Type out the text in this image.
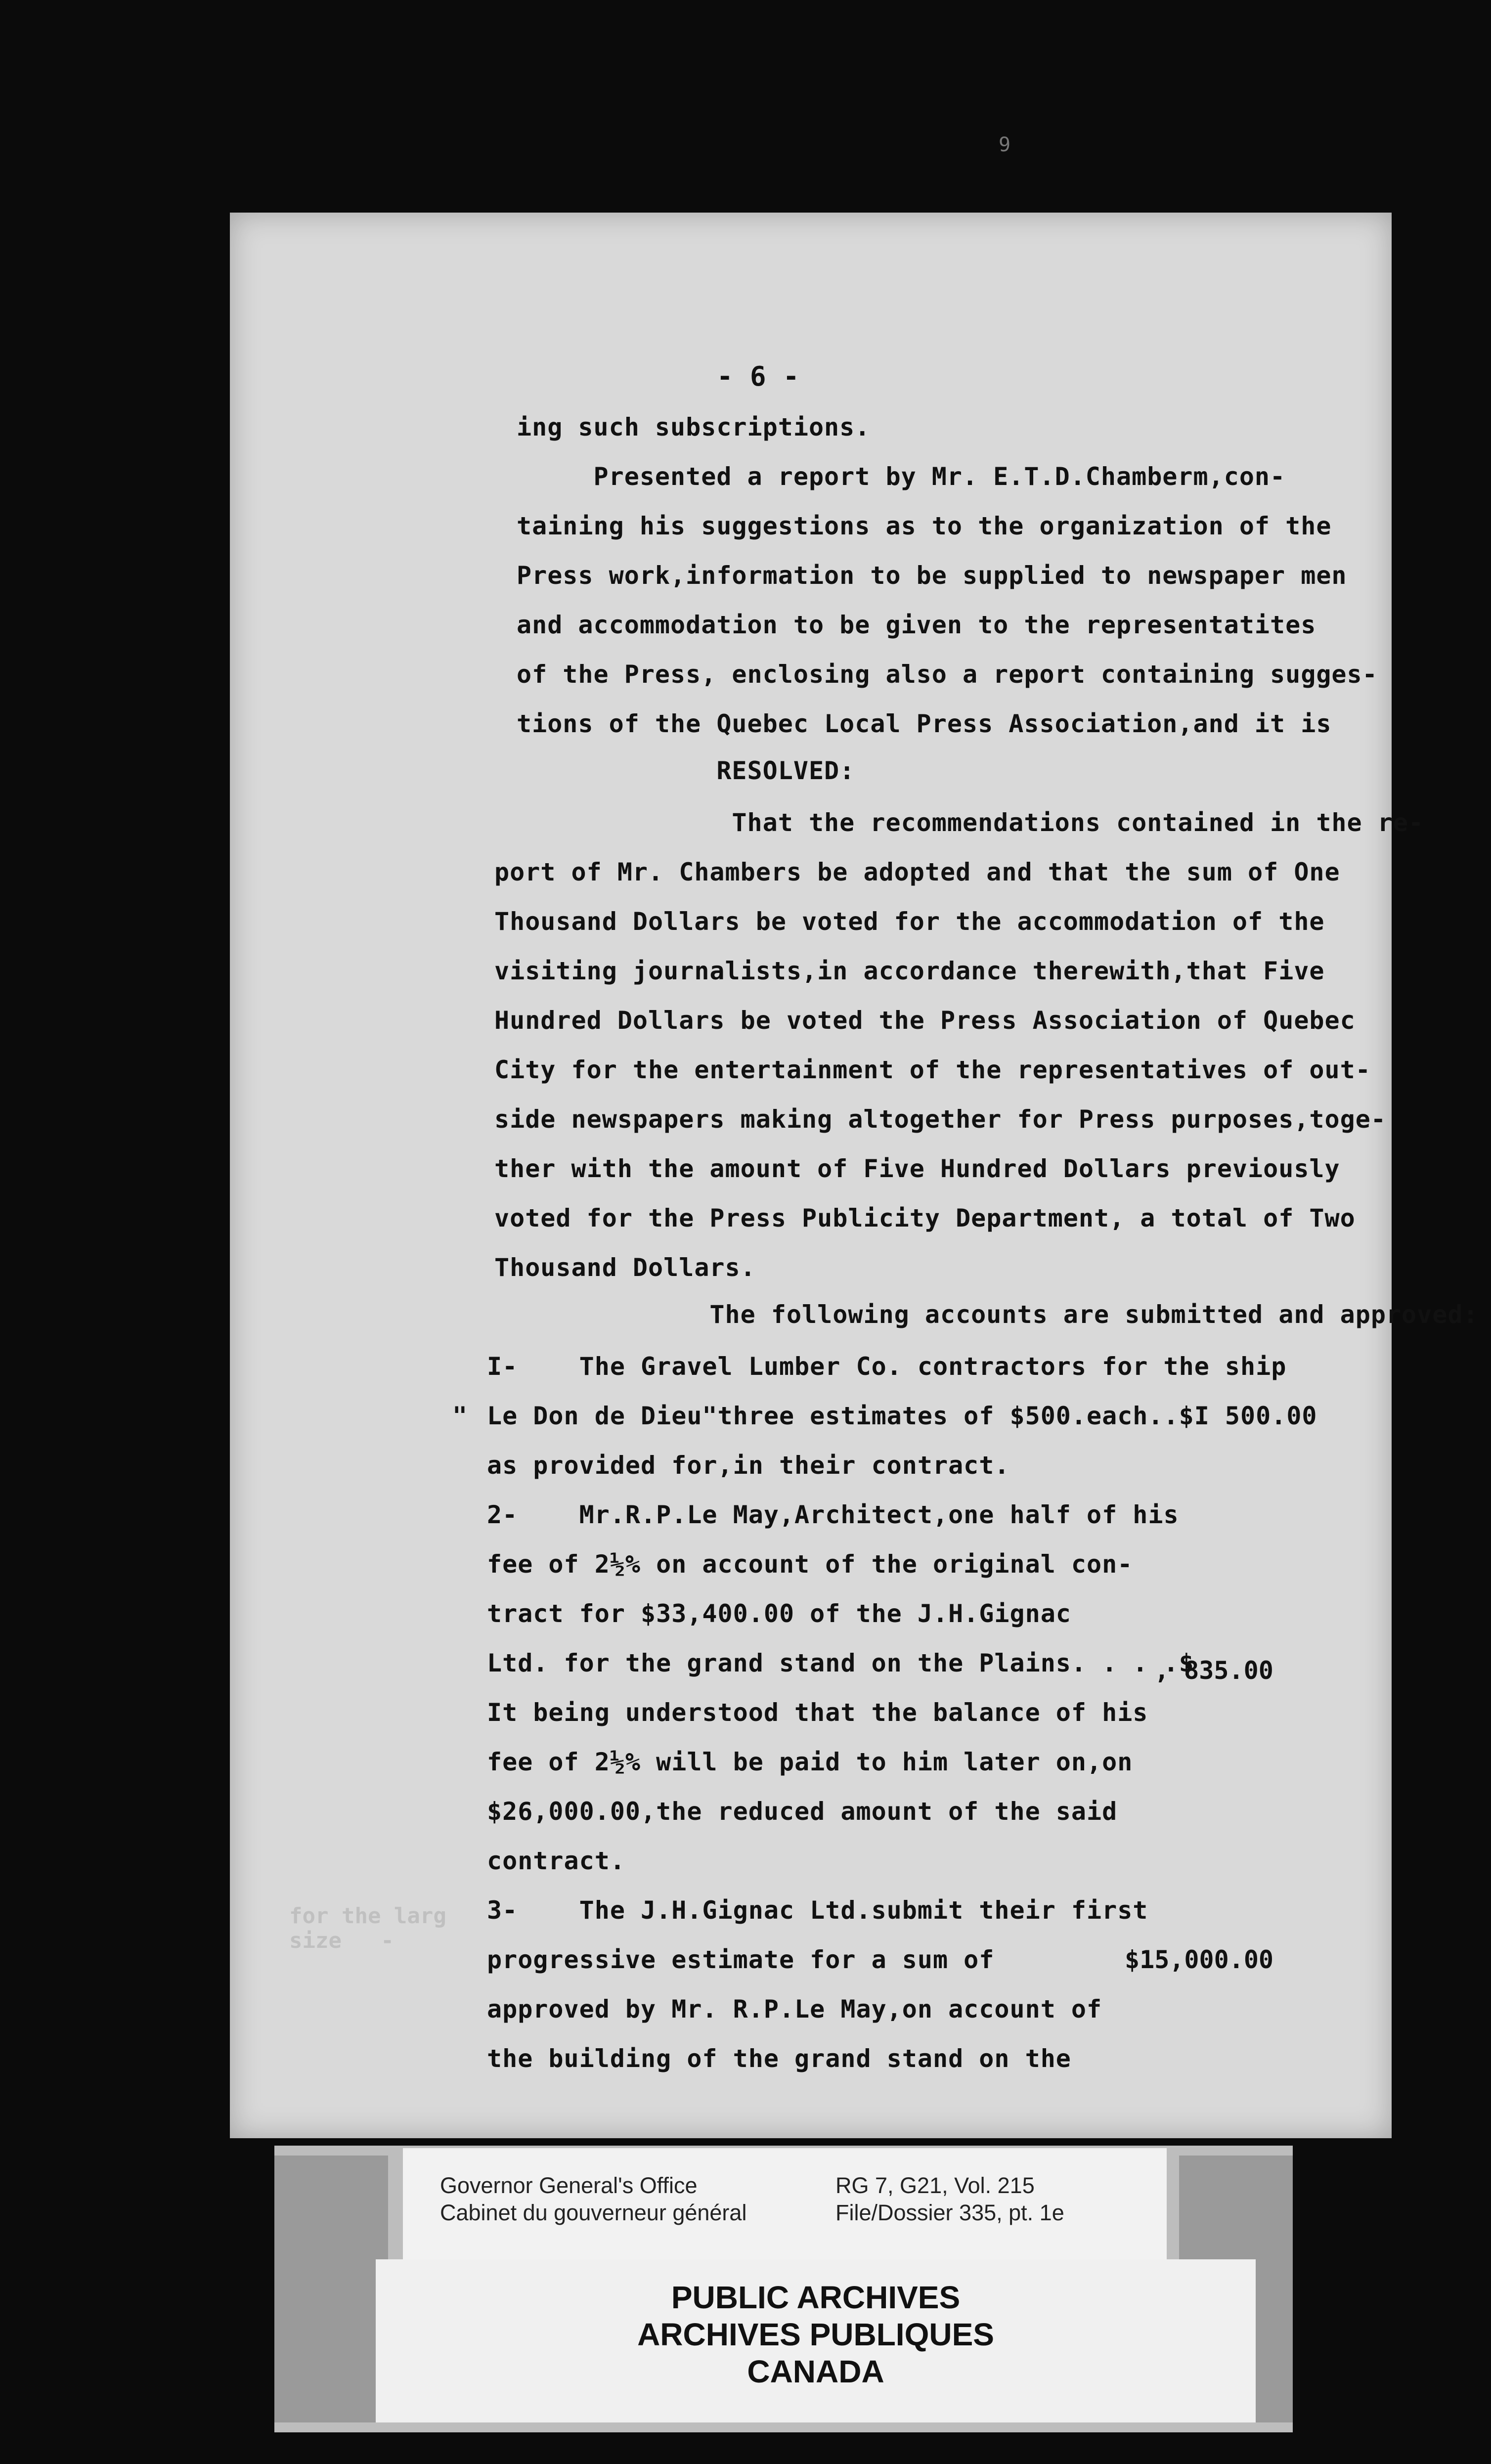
9
for the larg
size   -
- 6 -
ing such subscriptions.
Presented a report by Mr. E.T.D.Chamberm,con-
taining his suggestions as to the organization of the
Press work,information to be supplied to newspaper men
and accommodation to be given to the representatites
of the Press, enclosing also a report containing sugges-
tions of the Quebec Local Press Association,and it is
RESOLVED:
That the recommendations contained in the re-
port of Mr. Chambers be adopted and that the sum of One
Thousand Dollars be voted for the accommodation of the
visiting journalists,in accordance therewith,that Five
Hundred Dollars be voted the Press Association of Quebec
City for the entertainment of the representatives of out-
side newspapers making altogether for Press purposes,toge-
ther with the amount of Five Hundred Dollars previously
voted for the Press Publicity Department, a total of Two
Thousand Dollars.
The following accounts are submitted and approved:
I-    The Gravel Lumber Co. contractors for the ship
" Le Don de Dieu"three estimates of $500.each..$I 500.00
as provided for,in their contract.
2-    Mr.R.P.Le May,Architect,one half of his
fee of 2½% on account of the original con-
tract for $33,400.00 of the J.H.Gignac
Ltd. for the grand stand on the Plains. . . .$
, 835.00
It being understood that the balance of his
fee of 2½% will be paid to him later on,on
$26,000.00,the reduced amount of the said
contract.
3-    The J.H.Gignac Ltd.submit their first
progressive estimate for a sum of	$15,000.00
approved by Mr. R.P.Le May,on account of
the building of the grand stand on the
Governor General's Office
Cabinet du gouverneur général
RG 7, G21, Vol. 215
File/Dossier 335, pt. 1e
PUBLIC ARCHIVES
ARCHIVES PUBLIQUES
CANADA
